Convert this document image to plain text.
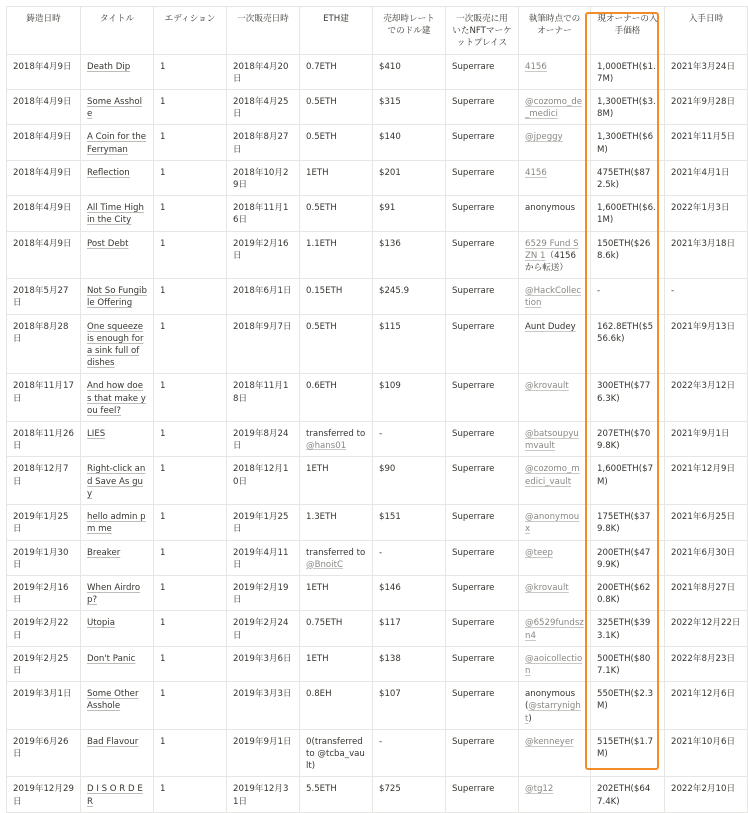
鋳造日時	タイトル	エディション	一次販売日時	ETH建	売却時レートでのドル建	一次販売に用いたNFTマーケットプレイス	執筆時点でのオーナー	現オーナーの入手価格	入手日時
2018年4月9日	Death Dip	1	2018年4月20日	0.7ETH	$410	Superrare	4156	1,000ETH($1.7M)	2021年3月24日
2018年4月9日	Some Asshole	1	2018年4月25日	0.5ETH	$315	Superrare	@cozomo_de_medici	1,300ETH($3.8M)	2021年9月28日
2018年4月9日	A Coin for the Ferryman	1	2018年8月27日	0.5ETH	$140	Superrare	@jpeggy	1,300ETH($6M)	2021年11月5日
2018年4月9日	Reflection	1	2018年10月29日	1ETH	$201	Superrare	4156	475ETH($872.5k)	2021年4月1日
2018年4月9日	All Time High in the City	1	2018年11月16日	0.5ETH	$91	Superrare	anonymous	1,600ETH($6.1M)	2022年1月3日
2018年4月9日	Post Debt	1	2019年2月16日	1.1ETH	$136	Superrare	6529 Fund SZN 1（4156から転送）	150ETH($268.6k)	2021年3月18日
2018年5月27日	Not So Fungible Offering	1	2018年6月1日	0.15ETH	$245.9	Superrare	@HackCollection	-	-
2018年8月28日	One squeeze is enough for a sink full of dishes	1	2018年9月7日	0.5ETH	$115	Superrare	Aunt Dudey	162.8ETH($556.6k)	2021年9月13日
2018年11月17日	And how does that make you feel?	1	2018年11月18日	0.6ETH	$109	Superrare	@krovault	300ETH($776.3K)	2022年3月12日
2018年11月26日	LIES	1	2019年8月24日	transferred to @hans01	-	Superrare	@batsoupyumvault	207ETH($709.8K)	2021年9月1日
2018年12月7日	Right-click and Save As guy	1	2018年12月10日	1ETH	$90	Superrare	@cozomo_medici_vault	1,600ETH($7M)	2021年12月9日
2019年1月25日	hello admin pm me	1	2019年1月25日	1.3ETH	$151	Superrare	@anonymoux	175ETH($379.8K)	2021年6月25日
2019年1月30日	Breaker	1	2019年4月11日	transferred to @BnoitC	-	Superrare	@teep	200ETH($479.9K)	2021年6月30日
2019年2月16日	When Airdrop?	1	2019年2月19日	1ETH	$146	Superrare	@krovault	200ETH($620.8K)	2021年8月27日
2019年2月22日	Utopia	1	2019年2月24日	0.75ETH	$117	Superrare	@6529fundszn4	325ETH($393.1K)	2022年12月22日
2019年2月25日	Don't Panic	1	2019年3月6日	1ETH	$138	Superrare	@aoicollection	500ETH($807.1K)	2022年8月23日
2019年3月1日	Some Other Asshole	1	2019年3月3日	0.8EH	$107	Superrare	anonymous(@starrynight)	550ETH($2.3M)	2021年12月6日
2019年6月26日	Bad Flavour	1	2019年9月1日	0(transferred to @tcba_vault)	-	Superrare	@kenneyer	515ETH($1.7M)	2021年10月6日
2019年12月29日	D I S O R D E R	1	2019年12月31日	5.5ETH	$725	Superrare	@tg12	202ETH($647.4K)	2022年2月10日
